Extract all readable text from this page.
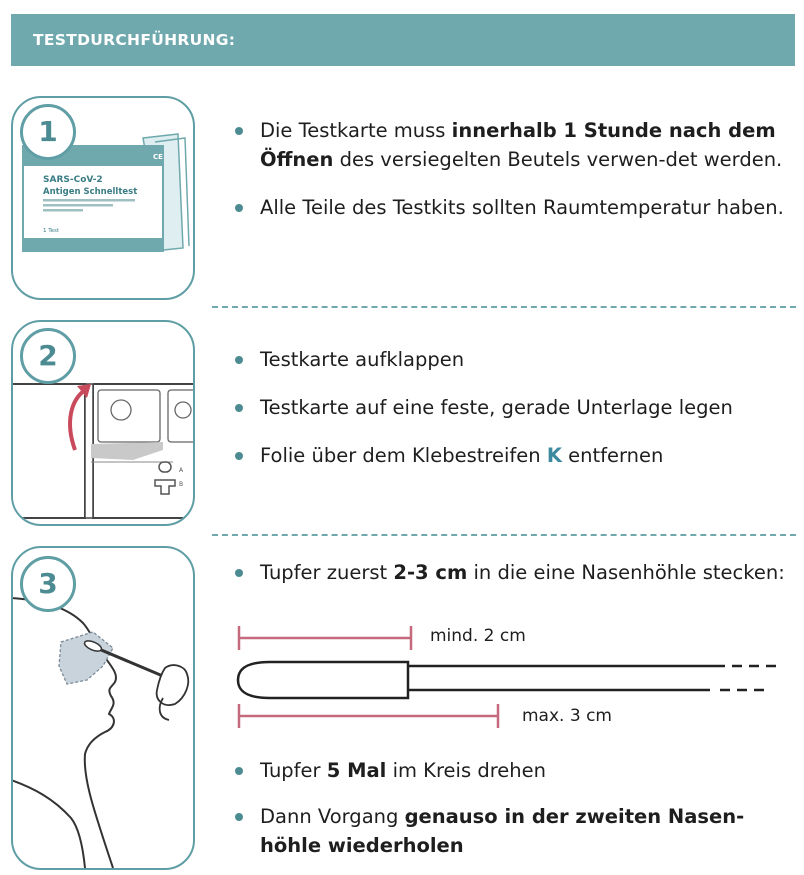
TESTDURCHFÜHRUNG:
CE
SARS-CoV-2
Antigen Schnelltest
1 Test
1	Die Testkarte muss innerhalb 1 Stunde nach dem Öffnen des versiegelten Beutels verwen-det werden.
Alle Teile des Testkits sollten Raumtemperatur haben.
A
B
2	Testkarte aufklappen
Testkarte auf eine feste, gerade Unterlage legen
Folie über dem Klebestreifen K entfernen
3	Tupfer zuerst 2-3 cm in die eine Nasenhöhle stecken:
mind. 2 cm
max. 3 cm
Tupfer 5 Mal im Kreis drehen
Dann Vorgang genauso in der zweiten Nasen-höhle wiederholen
